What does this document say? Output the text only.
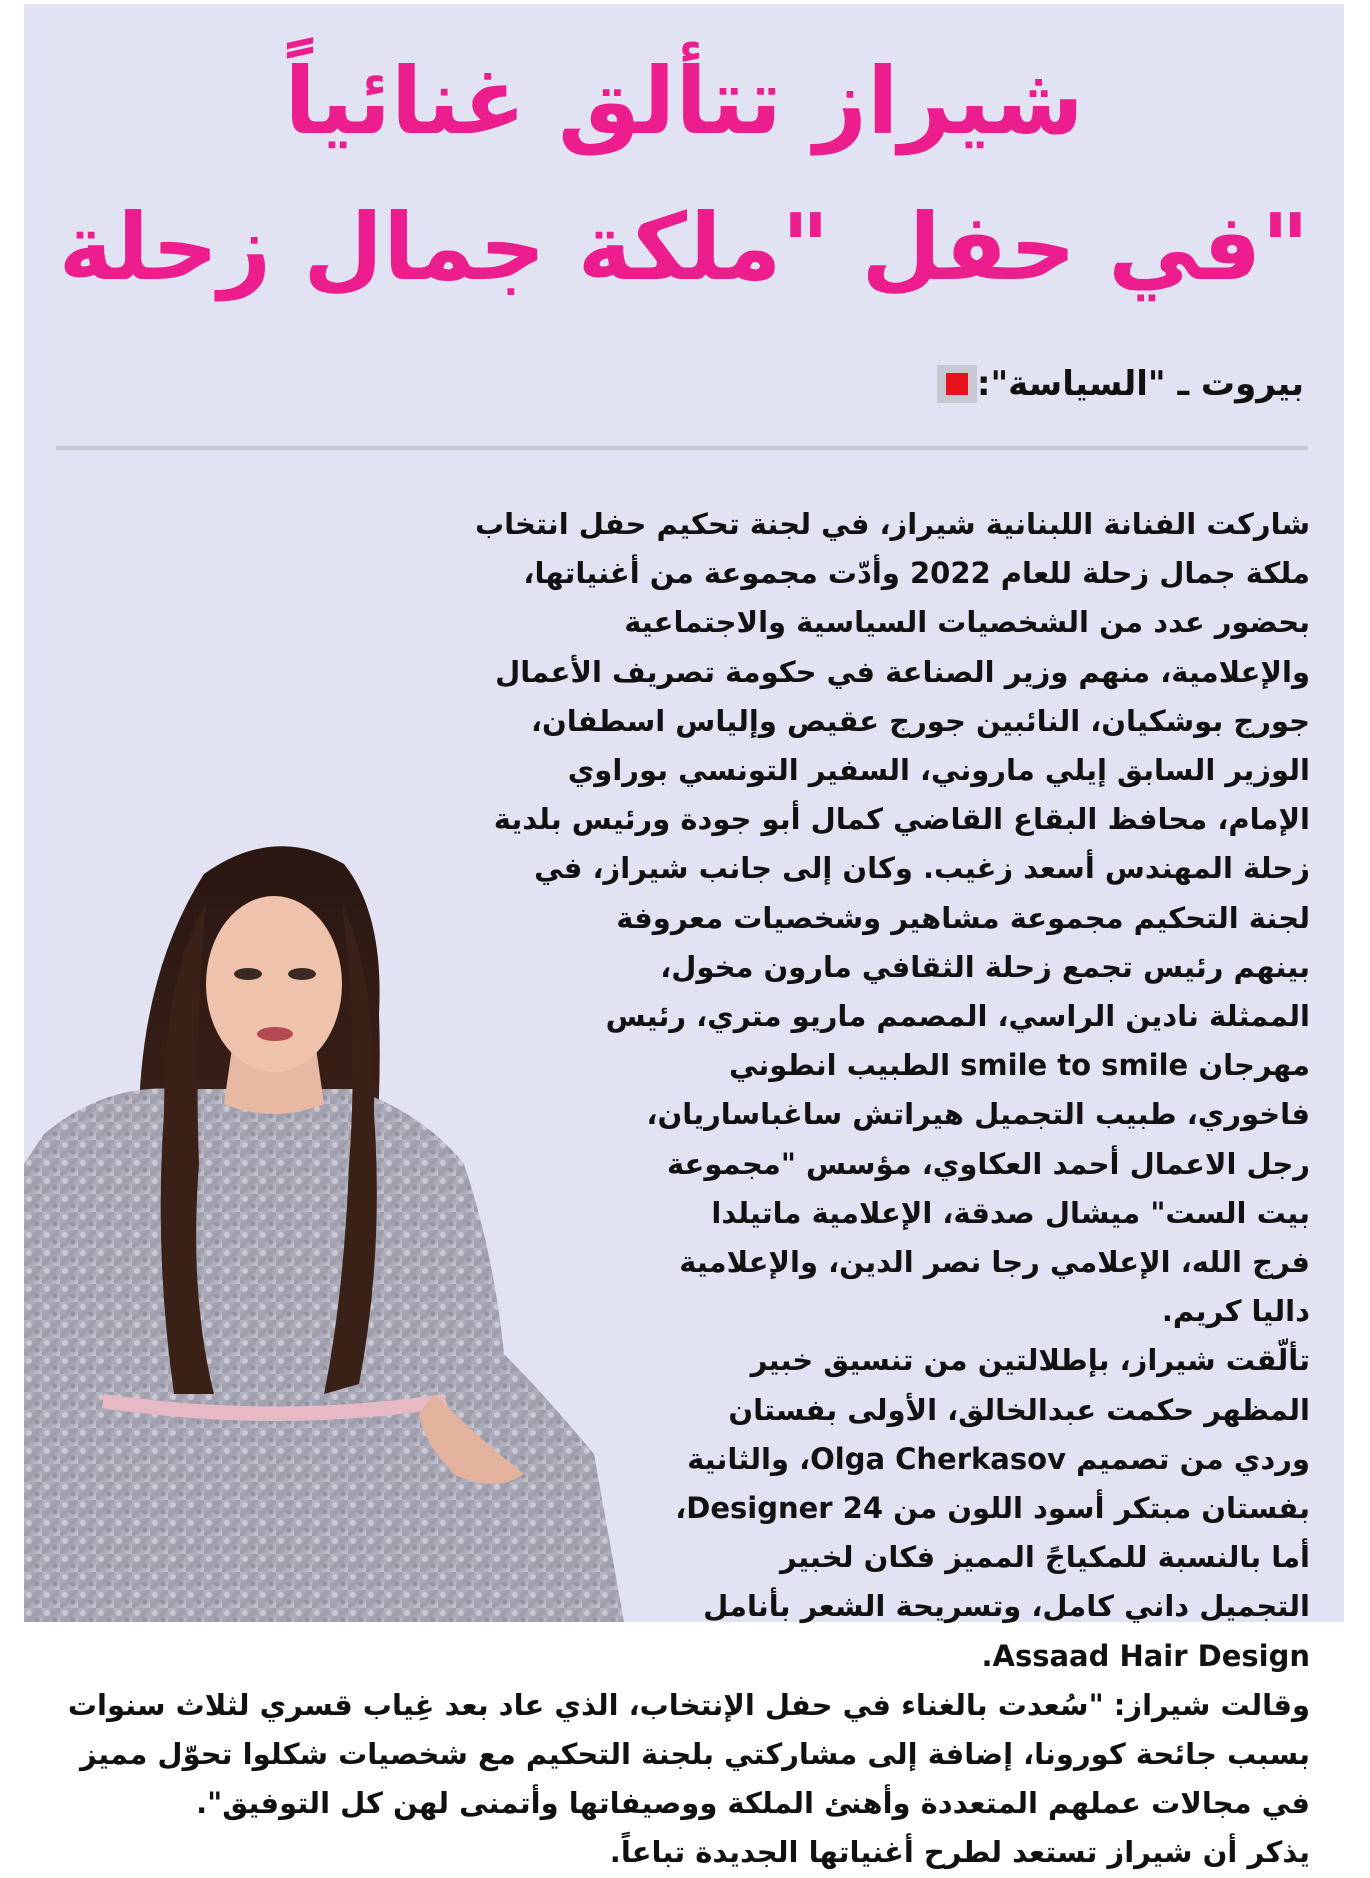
شيراز تتألق غنائياً
في حفل "ملكة جمال زحلة"
بيروت ـ "السياسة":

شاركت الفنانة اللبنانية شيراز، في لجنة تحكيم حفل انتخاب ملكة جمال زحلة للعام 2022 وأدّت مجموعة من أغنياتها، بحضور عدد من الشخصيات السياسية والاجتماعية والإعلامية، منهم وزير الصناعة في حكومة تصريف الأعمال جورج بوشكيان، النائبين جورج عقيص وإلياس اسطفان، الوزير السابق إيلي ماروني، السفير التونسي بوراوي الإمام، محافظ البقاع القاضي كمال أبو جودة ورئيس بلدية زحلة المهندس أسعد زغيب. وكان إلى جانب شيراز، في لجنة التحكيم مجموعة مشاهير وشخصيات معروفة بينهم رئيس تجمع زحلة الثقافي مارون مخول، الممثلة نادين الراسي، المصمم ماريو متري، رئيس مهرجان smile to smile الطبيب انطوني فاخوري، طبيب التجميل هيراتش ساغباساريان، رجل الاعمال أحمد العكاوي، مؤسس "مجموعة بيت الست" ميشال صدقة، الإعلامية ماتيلدا فرج الله، الإعلامي رجا نصر الدين، والإعلامية داليا كريم.

تألّقت شيراز، بإطلالتين من تنسيق خبير المظهر حكمت عبدالخالق، الأولى بفستان وردي من تصميم Olga Cherkasov، والثانية بفستان مبتكر أسود اللون من Designer 24، أما بالنسبة للمكياجً المميز فكان لخبير التجميل داني كامل، وتسريحة الشعر بأنامل Assaad Hair Design.

وقالت شيراز: "سُعدت بالغناء في حفل الإنتخاب، الذي عاد بعد غِياب قسري لثلاث سنوات بسبب جائحة كورونا، إضافة إلى مشاركتي بلجنة التحكيم مع شخصيات شكلوا تحوّل مميز في مجالات عملهم المتعددة وأهنئ الملكة ووصيفاتها وأتمنى لهن كل التوفيق".

يذكر أن شيراز تستعد لطرح أغنياتها الجديدة تباعاً.
